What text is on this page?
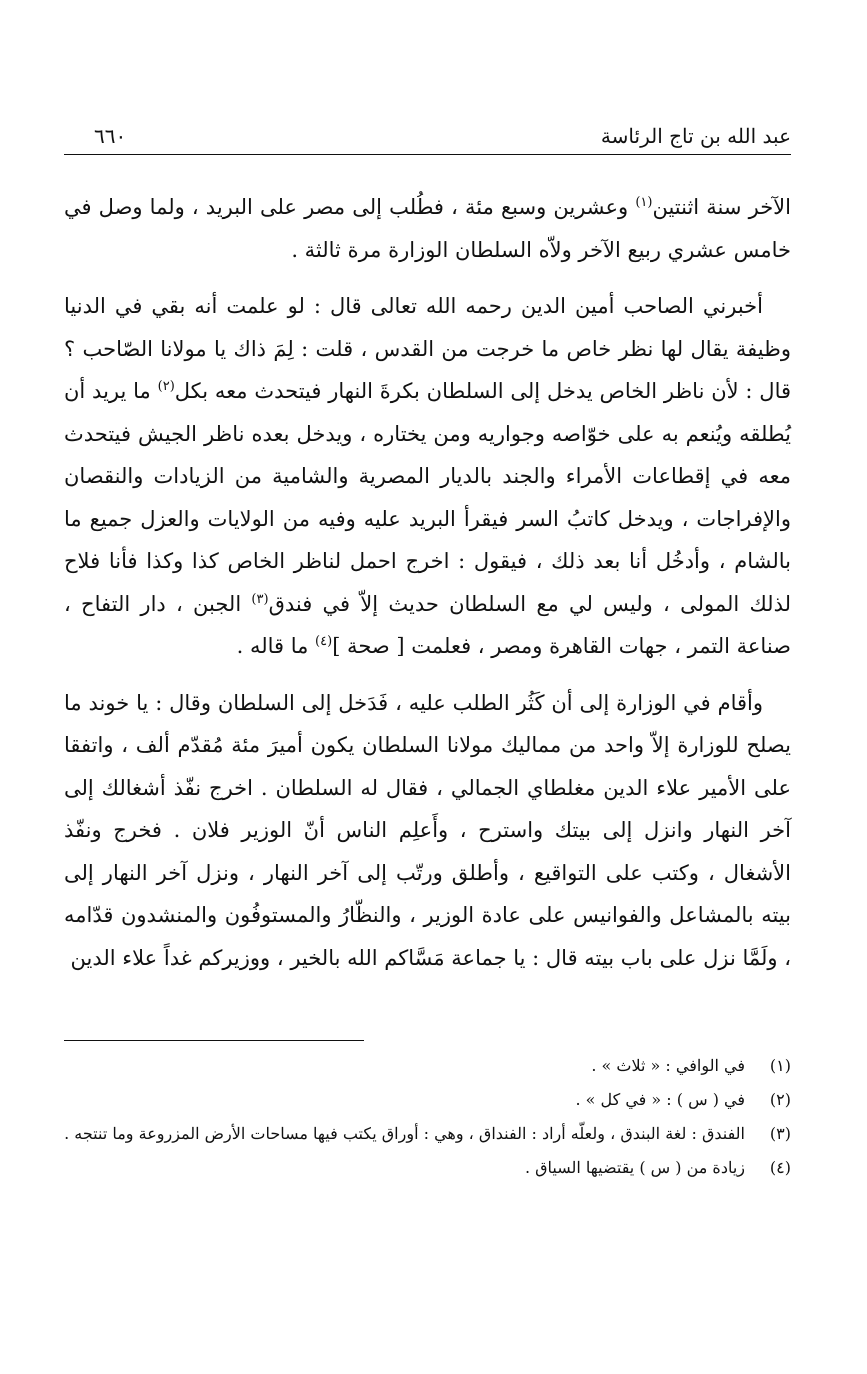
عبد الله بن تاج الرئاسة
٦٦٠

الآخر سنة اثنتين$^{(١)}$ وعشرين وسبع مئة ، فطُلب إلى مصر على البريد ، ولما وصل في خامس عشري ربيع الآخر ولاّه السلطان الوزارة مرة ثالثة .

أخبرني الصاحب أمين الدين رحمه الله تعالى قال : لو علمت أنه بقي في الدنيا وظيفة يقال لها نظر خاص ما خرجت من القدس ، قلت : لِمَ ذاك يا مولانا الصّاحب ؟ قال : لأن ناظر الخاص يدخل إلى السلطان بكرةَ النهار فيتحدث معه بكل$^{(٢)}$ ما يريد أن يُطلقه ويُنعم به على خوّاصه وجواريه ومن يختاره ، ويدخل بعده ناظر الجيش فيتحدث معه في إقطاعات الأمراء والجند بالديار المصرية والشامية من الزيادات والنقصان والإفراجات ، ويدخل كاتبُ السر فيقرأ البريد عليه وفيه من الولايات والعزل جميع ما بالشام ، وأدخُل أنا بعد ذلك ، فيقول : اخرج احمل لناظر الخاص كذا وكذا فأنا فلاح لذلك المولى ، وليس لي مع السلطان حديث إلاّ في فندق$^{(٣)}$ الجبن ، دار التفاح ، صناعة التمر ، جهات القاهرة ومصر ، فعلمت [ صحة ]$^{(٤)}$ ما قاله .

وأقام في الوزارة إلى أن كَثُر الطلب عليه ، فَدَخل إلى السلطان وقال : يا خوند ما يصلح للوزارة إلاّ واحد من مماليك مولانا السلطان يكون أميرَ مئة مُقدّم ألف ، واتفقا على الأمير علاء الدين مغلطاي الجمالي ، فقال له السلطان . اخرج نفّذ أشغالك إلى آخر النهار وانزل إلى بيتك واسترح ، وأَعلِم الناس أنّ الوزير فلان . فخرج ونفّذ الأشغال ، وكتب على التواقيع ، وأطلق ورتّب إلى آخر النهار ، ونزل آخر النهار إلى بيته بالمشاعل والفوانيس على عادة الوزير ، والنظّارُ والمستوفُون والمنشدون قدّامه ، ولَمَّا نزل على باب بيته قال : يا جماعة مَسَّاكم الله بالخير ، ووزيركم غداً علاء الدين

(١)
في الوافي : « ثلاث » .
(٢)
في ( س ) : « في كل » .
(٣)
الفندق : لغة البندق ، ولعلّه أراد : الفنداق ، وهي : أوراق يكتب فيها مساحات الأرض المزروعة وما تنتجه .
(٤)
زيادة من ( س ) يقتضيها السياق .
